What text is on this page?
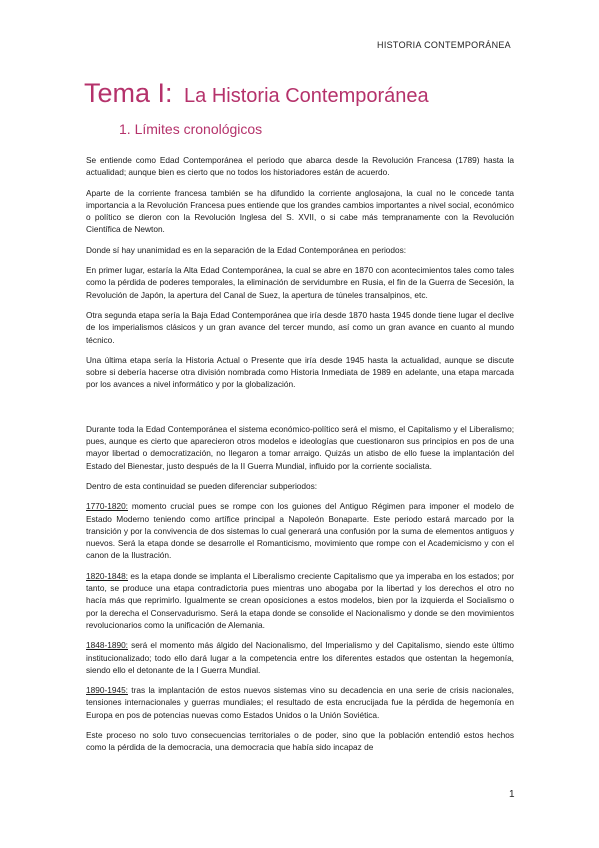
HISTORIA CONTEMPORÁNEA
Tema I: La Historia Contemporánea
1. Límites cronológicos

Se entiende como Edad Contemporánea el periodo que abarca desde la Revolución Francesa (1789) hasta la actualidad; aunque bien es cierto que no todos los historiadores están de acuerdo.

Aparte de la corriente francesa también se ha difundido la corriente anglosajona, la cual no le concede tanta importancia a la Revolución Francesa pues entiende que los grandes cambios importantes a nivel social, económico o político se dieron con la Revolución Inglesa del S. XVII, o si cabe más tempranamente con la Revolución Científica de Newton.

Donde sí hay unanimidad es en la separación de la Edad Contemporánea en periodos:

En primer lugar, estaría la Alta Edad Contemporánea, la cual se abre en 1870 con acontecimientos tales como tales como la pérdida de poderes temporales, la eliminación de servidumbre en Rusia, el fin de la Guerra de Secesión, la Revolución de Japón, la apertura del Canal de Suez, la apertura de túneles transalpinos, etc.

Otra segunda etapa sería la Baja Edad Contemporánea que iría desde 1870 hasta 1945 donde tiene lugar el declive de los imperialismos clásicos y un gran avance del tercer mundo, así como un gran avance en cuanto al mundo técnico.

Una última etapa sería la Historia Actual o Presente que iría desde 1945 hasta la actualidad, aunque se discute sobre si debería hacerse otra división nombrada como Historia Inmediata de 1989 en adelante, una etapa marcada por los avances a nivel informático y por la globalización.

Durante toda la Edad Contemporánea el sistema económico-político será el mismo, el Capitalismo y el Liberalismo; pues, aunque es cierto que aparecieron otros modelos e ideologías que cuestionaron sus principios en pos de una mayor libertad o democratización, no llegaron a tomar arraigo. Quizás un atisbo de ello fuese la implantación del Estado del Bienestar, justo después de la II Guerra Mundial, influido por la corriente socialista.

Dentro de esta continuidad se pueden diferenciar subperiodos:

1770-1820: momento crucial pues se rompe con los guiones del Antiguo Régimen para imponer el modelo de Estado Moderno teniendo como artífice principal a Napoleón Bonaparte. Este periodo estará marcado por la transición y por la convivencia de dos sistemas lo cual generará una confusión por la suma de elementos antiguos y nuevos. Será la etapa donde se desarrolle el Romanticismo, movimiento que rompe con el Academicismo y con el canon de la Ilustración.

1820-1848: es la etapa donde se implanta el Liberalismo creciente Capitalismo que ya imperaba en los estados; por tanto, se produce una etapa contradictoria pues mientras uno abogaba por la libertad y los derechos el otro no hacía más que reprimirlo. Igualmente se crean oposiciones a estos modelos, bien por la izquierda el Socialismo o por la derecha el Conservadurismo. Será la etapa donde se consolide el Nacionalismo y donde se den movimientos revolucionarios como la unificación de Alemania.

1848-1890: será el momento más álgido del Nacionalismo, del Imperialismo y del Capitalismo, siendo este último institucionalizado; todo ello dará lugar a la competencia entre los diferentes estados que ostentan la hegemonía, siendo ello el detonante de la I Guerra Mundial.

1890-1945: tras la implantación de estos nuevos sistemas vino su decadencia en una serie de crisis nacionales, tensiones internacionales y guerras mundiales; el resultado de esta encrucijada fue la pérdida de hegemonía en Europa en pos de potencias nuevas como Estados Unidos o la Unión Soviética.

Este proceso no solo tuvo consecuencias territoriales o de poder, sino que la población entendió estos hechos como la pérdida de la democracia, una democracia que había sido incapaz de

1
